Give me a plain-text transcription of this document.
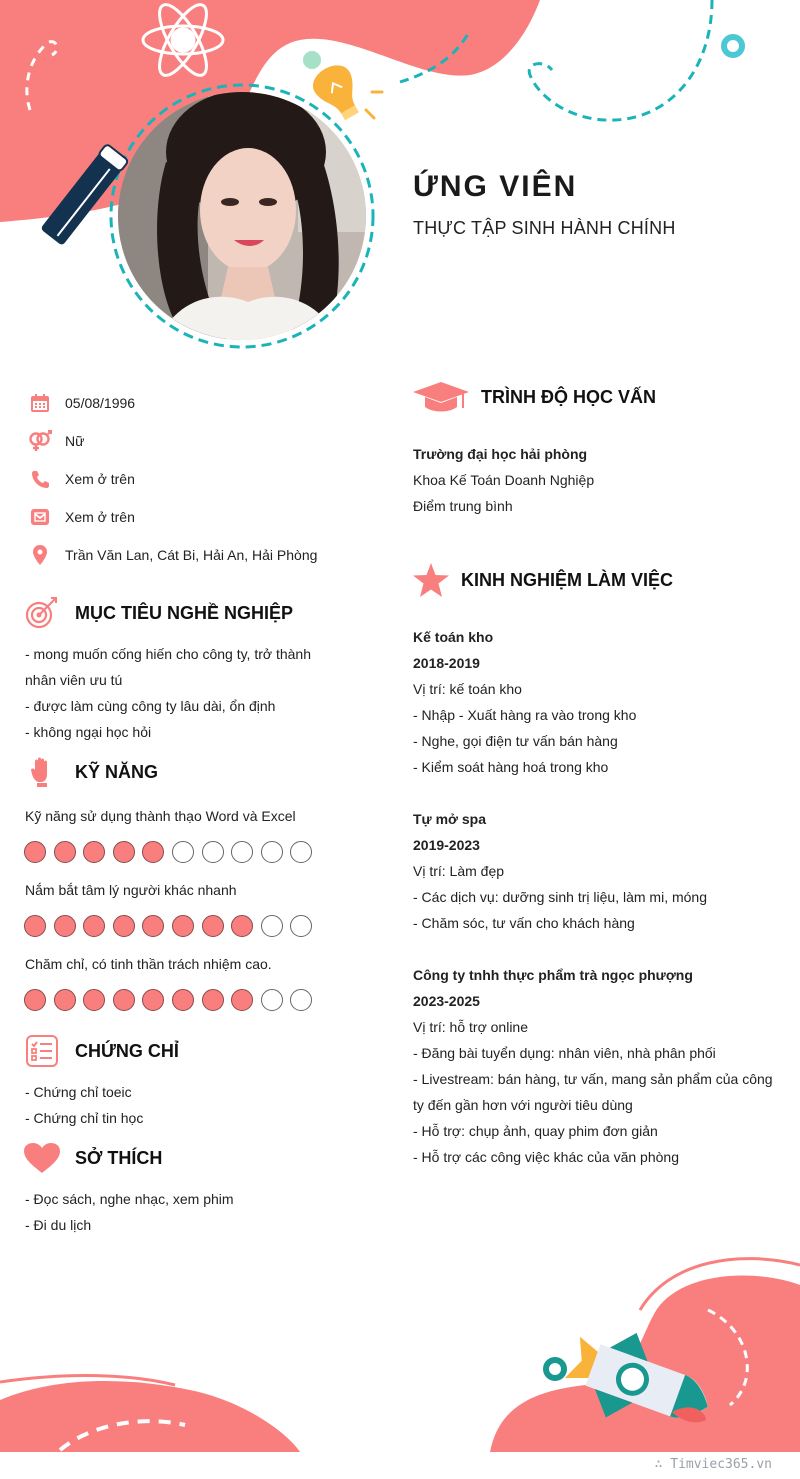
ỨNG VIÊN
THỰC TẬP SINH HÀNH CHÍNH
05/08/1996
Nữ
Xem ở trên
Xem ở trên
Trần Văn Lan, Cát Bi, Hải An, Hải Phòng
MỤC TIÊU NGHỀ NGHIỆP
- mong muốn cống hiến cho công ty, trở thành
nhân viên ưu tú
- được làm cùng công ty lâu dài, ổn định
- không ngại học hỏi
KỸ NĂNG
Kỹ năng sử dụng thành thạo Word và Excel
Nắm bắt tâm lý người khác nhanh
Chăm chỉ, có tinh thần trách nhiệm cao.
CHỨNG CHỈ
- Chứng chỉ toeic
- Chứng chỉ tin học
SỞ THÍCH
- Đọc sách, nghe nhạc, xem phim
- Đi du lịch
TRÌNH ĐỘ HỌC VẤN
Trường đại học hải phòng
Khoa Kế Toán Doanh Nghiệp
Điểm trung bình
KINH NGHIỆM LÀM VIỆC
Kế toán kho
2018-2019
Vị trí: kế toán kho
- Nhập - Xuất hàng ra vào trong kho
- Nghe, gọi điện tư vấn bán hàng
- Kiểm soát hàng hoá trong kho
Tự mở spa
2019-2023
Vị trí: Làm đẹp
- Các dịch vụ: dưỡng sinh trị liệu, làm mi, móng
- Chăm sóc, tư vấn cho khách hàng
Công ty tnhh thực phẩm trà ngọc phượng
2023-2025
Vị trí: hỗ trợ online
- Đăng bài tuyển dụng: nhân viên, nhà phân phối
- Livestream: bán hàng, tư vấn, mang sản phẩm của công
ty đến gần hơn với người tiêu dùng
- Hỗ trợ: chụp ảnh, quay phim đơn giản
- Hỗ trợ các công việc khác của văn phòng
∴ Timviec365.vn
